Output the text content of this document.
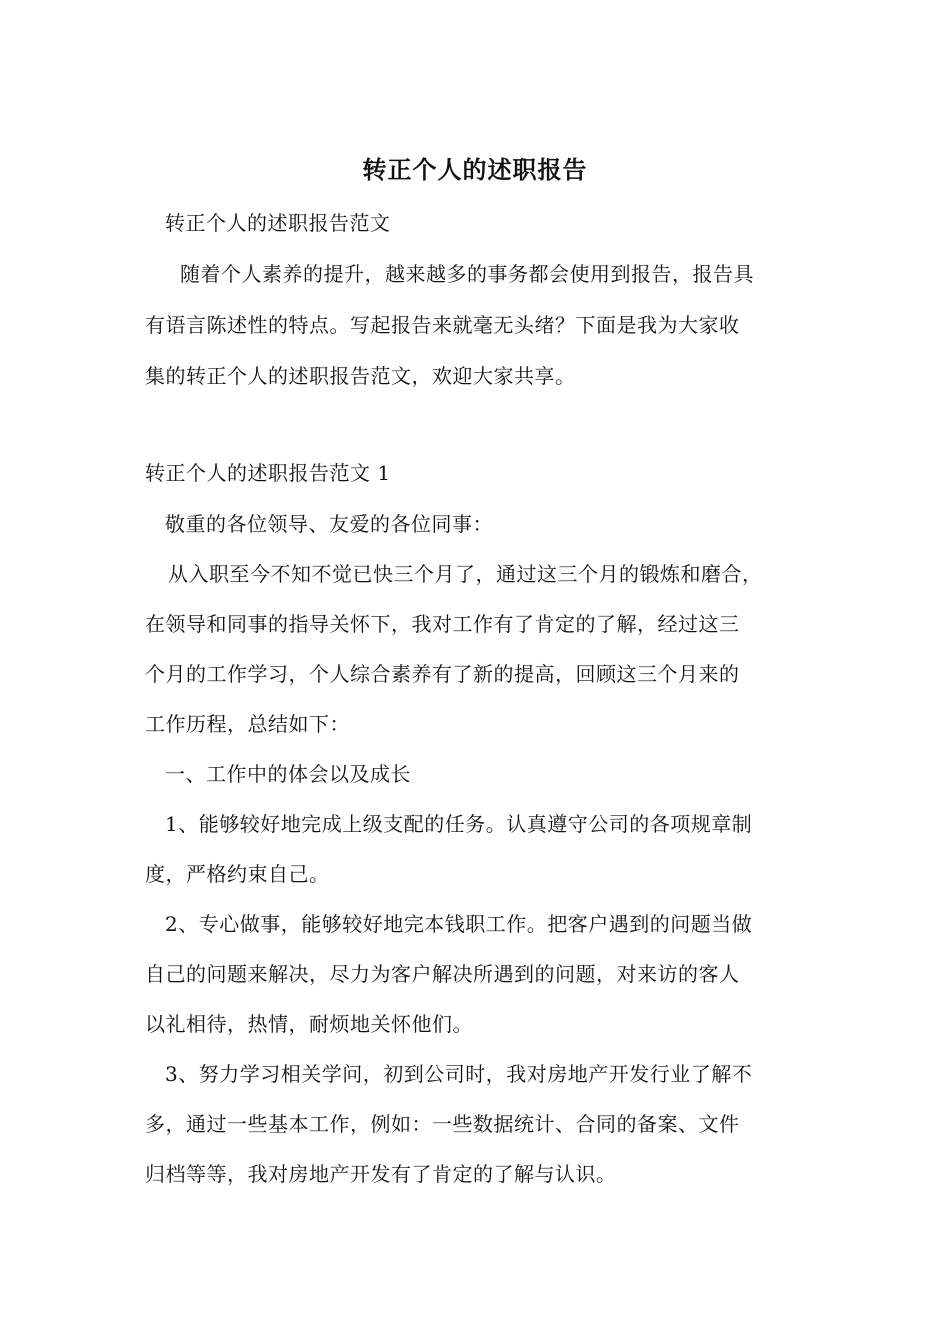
转正个人的述职报告
转正个人的述职报告范文
随着个人素养的提升，越来越多的事务都会使用到报告，报告具
有语言陈述性的特点。写起报告来就毫无头绪？下面是我为大家收
集的转正个人的述职报告范文，欢迎大家共享。
转正个人的述职报告范文 1
敬重的各位领导、友爱的各位同事：
从入职至今不知不觉已快三个月了，通过这三个月的锻炼和磨合，
在领导和同事的指导关怀下，我对工作有了肯定的了解，经过这三
个月的工作学习，个人综合素养有了新的提高，回顾这三个月来的
工作历程，总结如下：
一、工作中的体会以及成长
1、能够较好地完成上级支配的任务。认真遵守公司的各项规章制
度，严格约束自己。
2、专心做事，能够较好地完本钱职工作。把客户遇到的问题当做
自己的问题来解决，尽力为客户解决所遇到的问题，对来访的客人
以礼相待，热情，耐烦地关怀他们。
3、努力学习相关学问，初到公司时，我对房地产开发行业了解不
多，通过一些基本工作，例如：一些数据统计、合同的备案、文件
归档等等，我对房地产开发有了肯定的了解与认识。
